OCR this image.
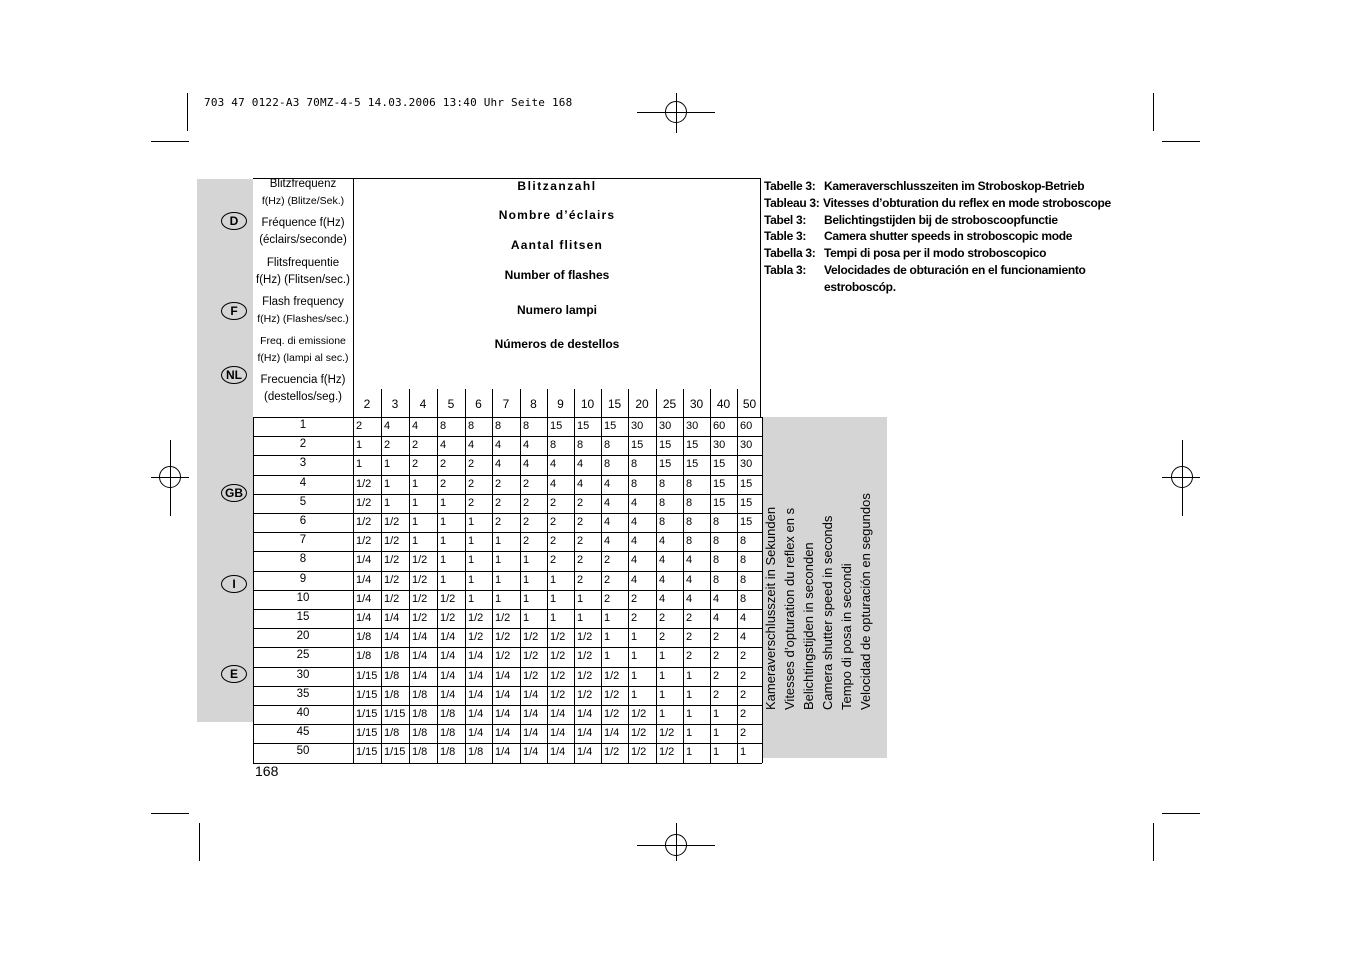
703 47 0122-A3 70MZ-4-5 14.03.2006 13:40 Uhr Seite 168
D
F
NL
GB
I
E
Blitzfrequenz
f(Hz) (Blitze/Sek.)
Fréquence f(Hz)
(éclairs/seconde)
Flitsfrequentie
f(Hz) (Flitsen/sec.)
Flash frequency
f(Hz) (Flashes/sec.)
Freq. di emissione
f(Hz) (lampi al sec.)
Frecuencia f(Hz)
(destellos/seg.)
Blitzanzahl
Nombre d’éclairs
Aantal flitsen
Number of flashes
Numero lampi
Números de destellos
2	3	4	5	6	7	8	9	10	15	20	25	30	40	50
1	2 4 4 8 8 8 8 15 15 15 30 30 30 60 60
2	1 2 2 4 4 4 4 8 8 8 15 15 15 30 30
3	1 1 2 2 2 4 4 4 4 8 8 15 15 15 30
4	1/2 1 1 2 2 2 2 4 4 4 8 8 8 15 15
5	1/2 1 1 1 2 2 2 2 2 4 4 8 8 15 15
6	1/2 1/2 1 1 1 2 2 2 2 4 4 8 8 8 15
7	1/2 1/2 1 1 1 1 2 2 2 4 4 4 8 8 8
8	1/4 1/2 1/2 1 1 1 1 2 2 2 4 4 4 8 8
9	1/4 1/2 1/2 1 1 1 1 1 2 2 4 4 4 8 8
10	1/4 1/2 1/2 1/2 1 1 1 1 1 2 2 4 4 4 8
15	1/4 1/4 1/2 1/2 1/2 1/2 1 1 1 1 2 2 2 4 4
20	1/8 1/4 1/4 1/4 1/2 1/2 1/2 1/2 1/2 1 1 2 2 2 4
25	1/8 1/8 1/4 1/4 1/4 1/2 1/2 1/2 1/2 1 1 1 2 2 2
30	1/15 1/8 1/4 1/4 1/4 1/4 1/2 1/2 1/2 1/2 1 1 1 2 2
35	1/15 1/8 1/8 1/4 1/4 1/4 1/4 1/2 1/2 1/2 1 1 1 2 2
40	1/15 1/15 1/8 1/8 1/4 1/4 1/4 1/4 1/4 1/2 1/2 1 1 1 2
45	1/15 1/8 1/8 1/8 1/4 1/4 1/4 1/4 1/4 1/4 1/2 1/2 1 1 2
50	1/15 1/15 1/8 1/8 1/8 1/4 1/4 1/4 1/4 1/2 1/2 1/2 1 1 1
Tabelle 3: Kameraverschlusszeiten im Stroboskop-Betrieb
Tableau 3: Vitesses d’obturation du reflex en mode stroboscope
Tabel 3: Belichtingstijden bij de stroboscoopfunctie
Table 3: Camera shutter speeds in stroboscopic mode
Tabella 3: Tempi di posa per il modo stroboscopico
Tabla 3: Velocidades de obturación en el funcionamiento
estroboscóp.
Kameraverschlusszeit in Sekunden Vitesses d’opturation du reflex en s Belichtingstijden in seconden Camera shutter speed in seconds Tempo di posa in secondi Velocidad de opturación en segundos
168
